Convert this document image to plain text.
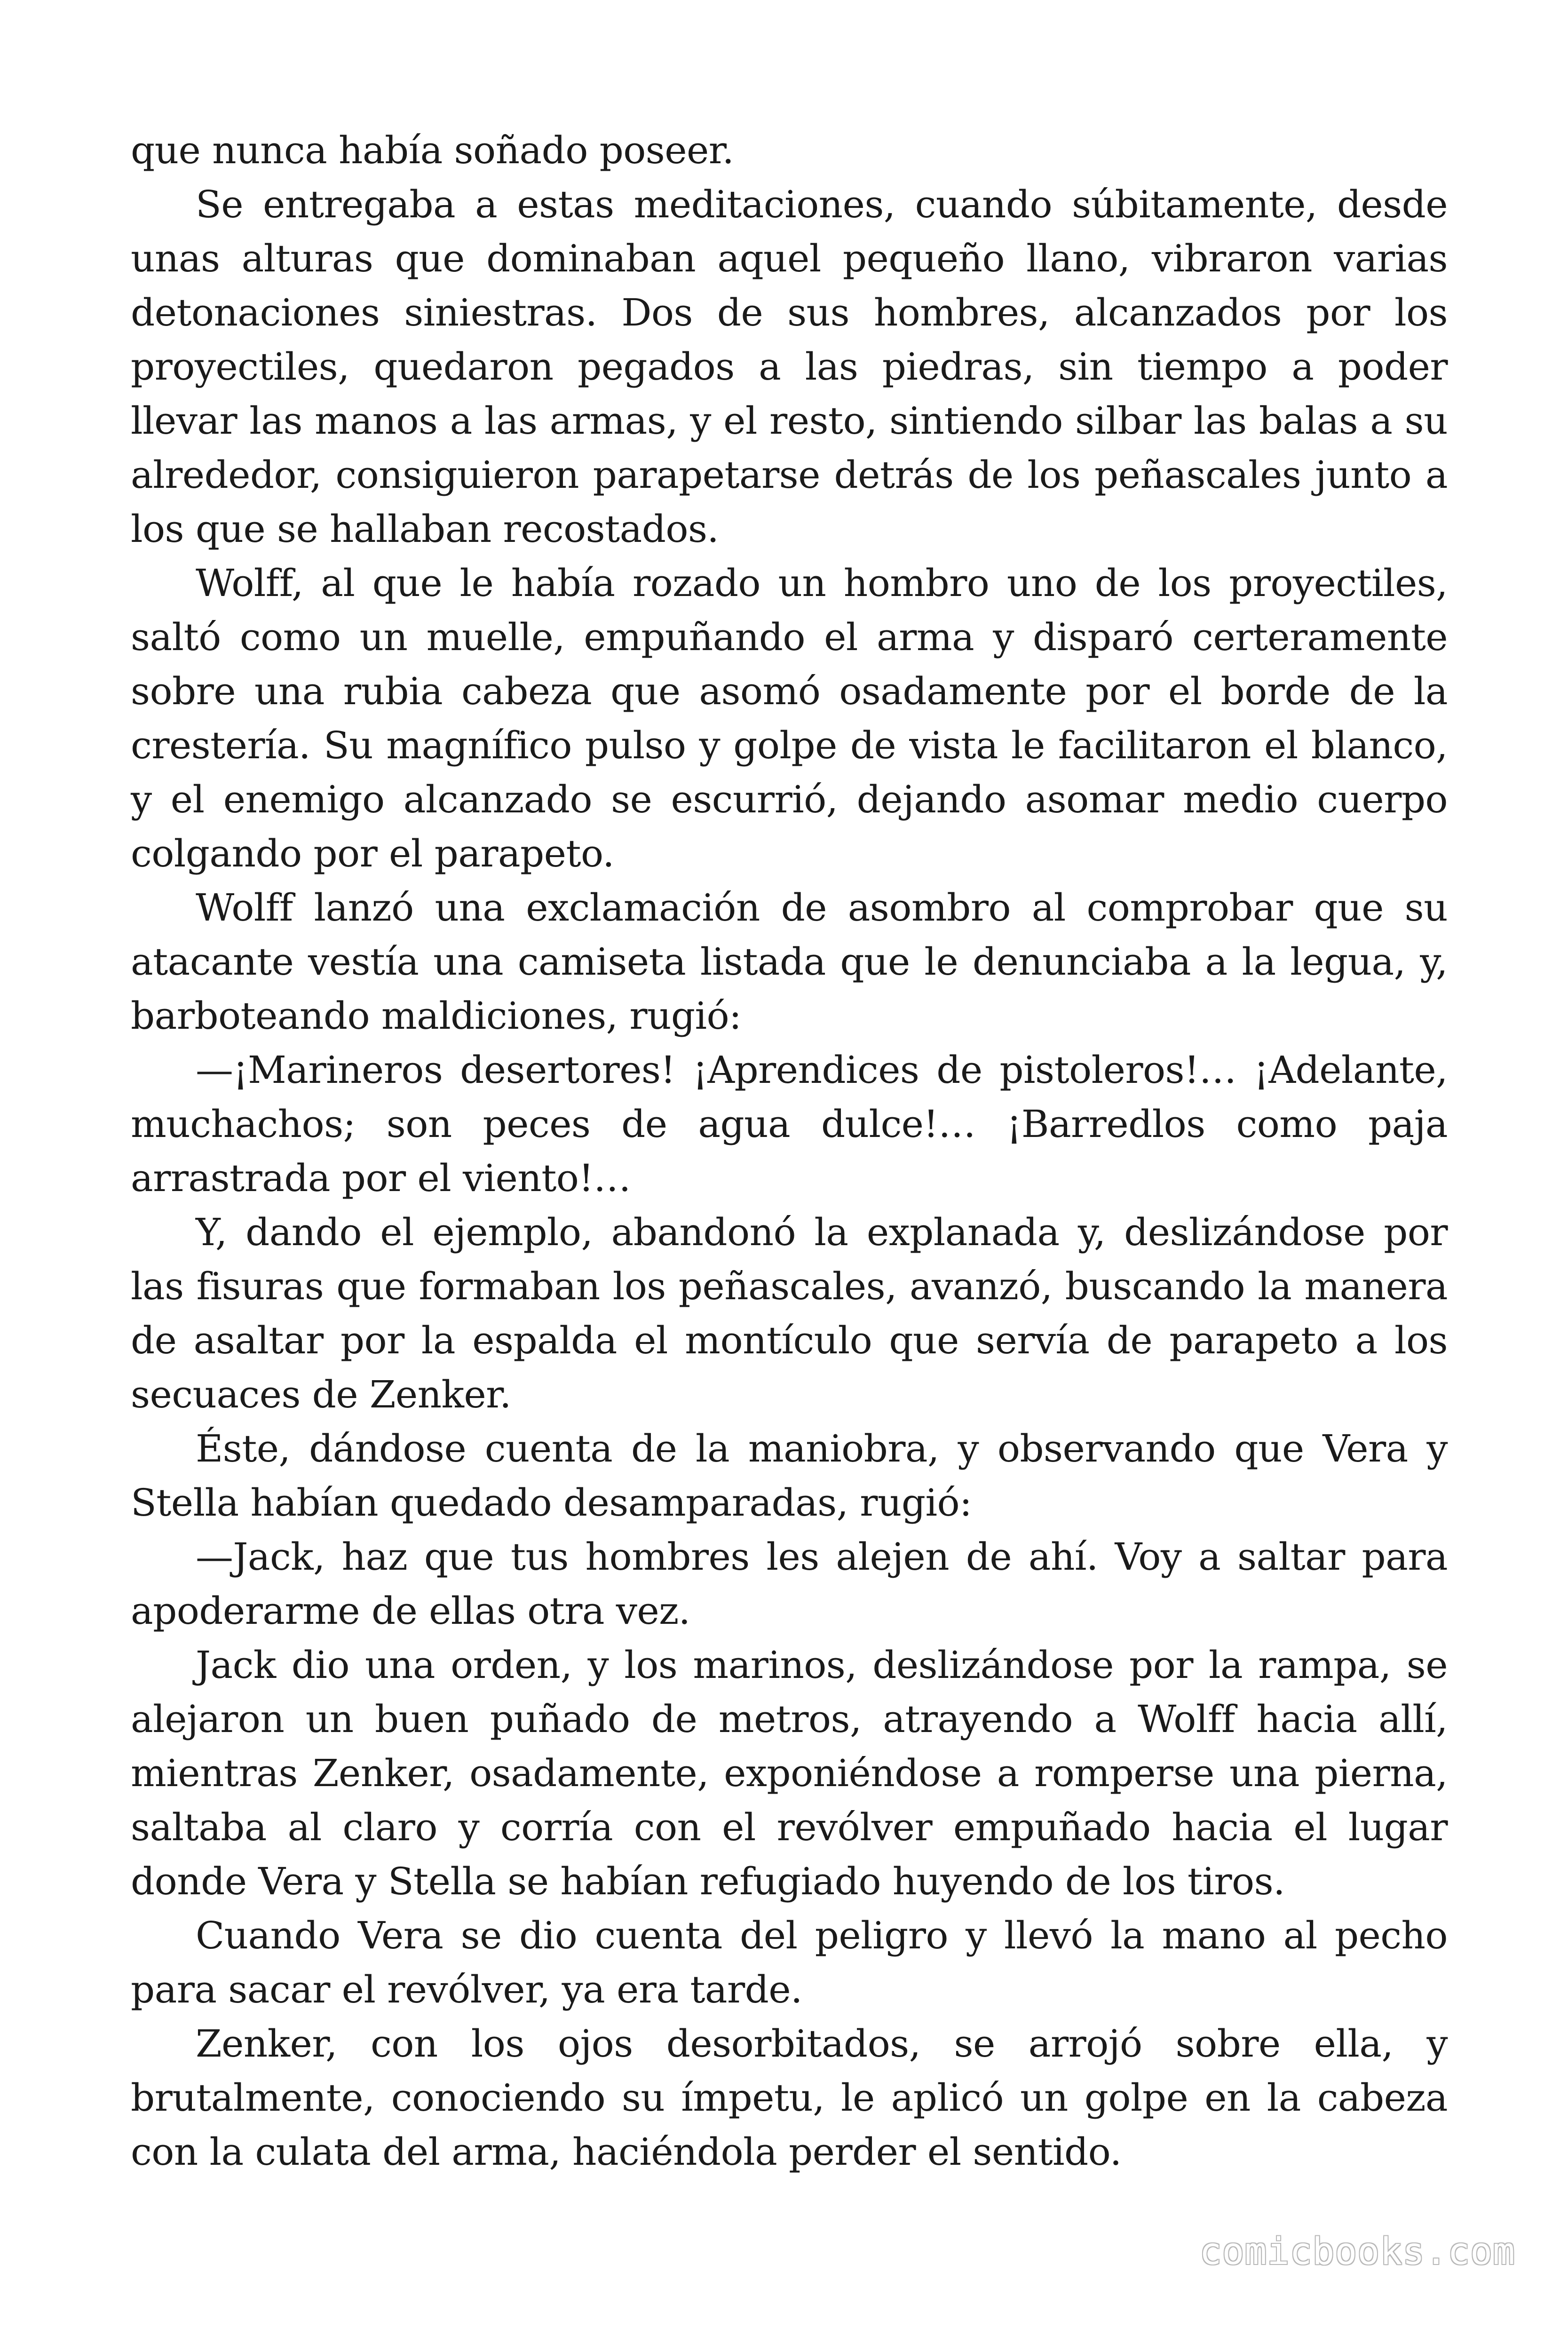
que nunca había soñado poseer.

Se entregaba a estas meditaciones, cuando súbitamente, desde unas alturas que dominaban aquel pequeño llano, vibraron varias detonaciones siniestras. Dos de sus hombres, alcanzados por los proyectiles, quedaron pegados a las piedras, sin tiempo a poder llevar las manos a las armas, y el resto, sintiendo silbar las balas a su alrededor, consiguieron parapetarse detrás de los peñascales junto a los que se hallaban recostados.

Wolff, al que le había rozado un hombro uno de los proyectiles, saltó como un muelle, empuñando el arma y disparó certeramente sobre una rubia cabeza que asomó osadamente por el borde de la crestería. Su magnífico pulso y golpe de vista le facilitaron el blanco, y el enemigo alcanzado se escurrió, dejando asomar medio cuerpo colgando por el parapeto.

Wolff lanzó una exclamación de asombro al comprobar que su atacante vestía una camiseta listada que le denunciaba a la legua, y, barboteando maldiciones, rugió:

—¡Marineros desertores! ¡Aprendices de pistoleros!… ¡Adelante, muchachos; son peces de agua dulce!… ¡Barredlos como paja arrastrada por el viento!…

Y, dando el ejemplo, abandonó la explanada y, deslizándose por las fisuras que formaban los peñascales, avanzó, buscando la manera de asaltar por la espalda el montículo que servía de parapeto a los secuaces de Zenker.

Éste, dándose cuenta de la maniobra, y observando que Vera y Stella habían quedado desamparadas, rugió:

—Jack, haz que tus hombres les alejen de ahí. Voy a saltar para apoderarme de ellas otra vez.

Jack dio una orden, y los marinos, deslizándose por la rampa, se alejaron un buen puñado de metros, atrayendo a Wolff hacia allí, mientras Zenker, osadamente, exponiéndose a romperse una pierna, saltaba al claro y corría con el revólver empuñado hacia el lugar donde Vera y Stella se habían refugiado huyendo de los tiros.

Cuando Vera se dio cuenta del peligro y llevó la mano al pecho para sacar el revólver, ya era tarde.

Zenker, con los ojos desorbitados, se arrojó sobre ella, y brutalmente, conociendo su ímpetu, le aplicó un golpe en la cabeza con la culata del arma, haciéndola perder el sentido.

comicbooks.com
